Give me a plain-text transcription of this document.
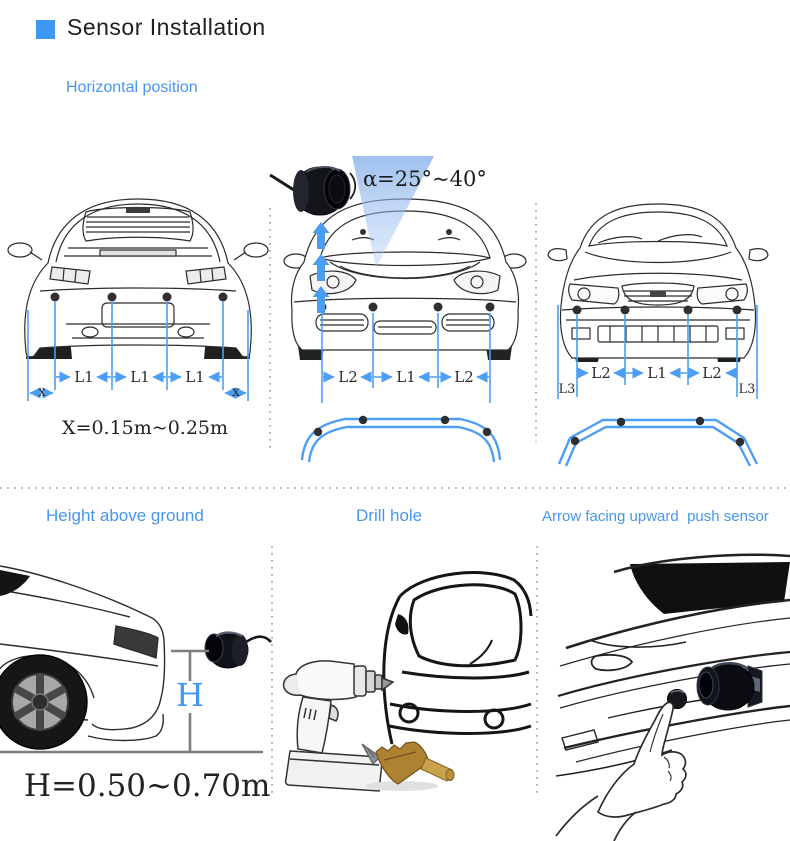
Sensor Installation
Horizontal position
L1 L1 L1
x	x
X=0.15m~0.25m
α=25°~40°
L2	L1	L2	L2 L1 L2
L3	L3
Height above ground	Drill hole	Arrow facing upward  push sensor
H
H=0.50~0.70m
